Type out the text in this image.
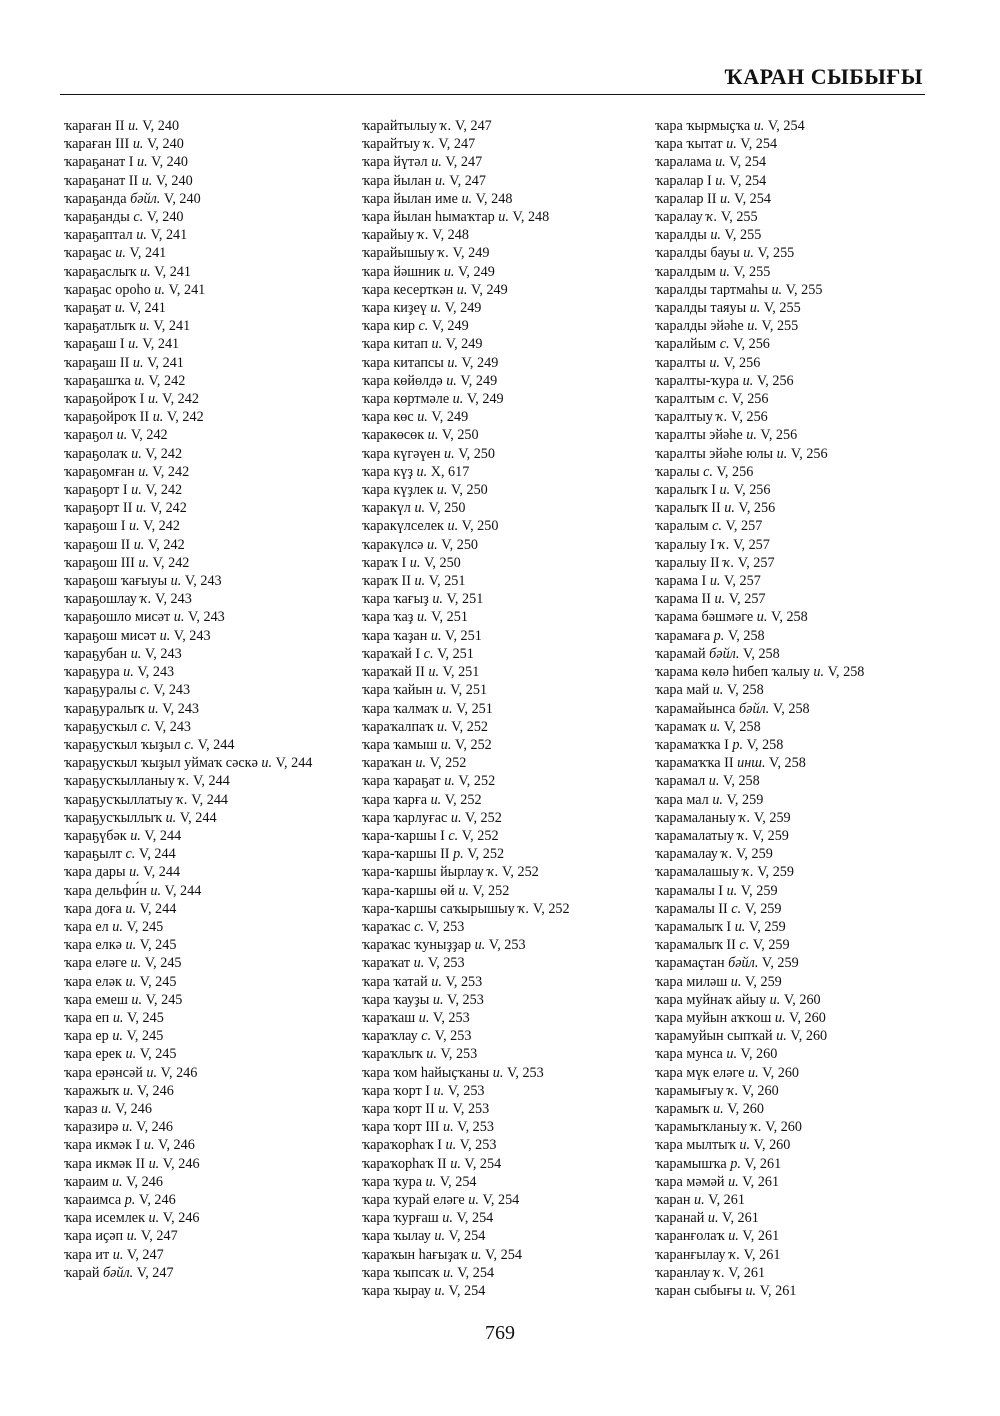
ҠАРАН СЫБЫҒЫ

ҡараған II и. V, 240

ҡараған III и. V, 240

ҡараҕанат I и. V, 240

ҡараҕанат II и. V, 240

ҡараҕанда бәйл. V, 240

ҡараҕанды с. V, 240

ҡараҕаптал и. V, 241

ҡараҕас и. V, 241

ҡараҕаслыҡ и. V, 241

ҡараҕас ороһо и. V, 241

ҡараҕат и. V, 241

ҡараҕатлыҡ и. V, 241

ҡараҕаш I и. V, 241

ҡараҕаш II и. V, 241

ҡараҕашҡа и. V, 242

ҡараҕойроҡ I и. V, 242

ҡараҕойроҡ II и. V, 242

ҡараҕол и. V, 242

ҡараҕолаҡ и. V, 242

ҡараҕомған и. V, 242

ҡараҕорт I и. V, 242

ҡараҕорт II и. V, 242

ҡараҕош I и. V, 242

ҡараҕош II и. V, 242

ҡараҕош III и. V, 242

ҡараҕош ҡағыуы и. V, 243

ҡараҕошлау ҡ. V, 243

ҡараҕошло мисәт и. V, 243

ҡараҕош мисәт и. V, 243

ҡараҕубан и. V, 243

ҡараҕура и. V, 243

ҡараҕуралы с. V, 243

ҡараҕуралыҡ и. V, 243

ҡараҕусҡыл с. V, 243

ҡараҕусҡыл ҡыҙыл с. V, 244

ҡараҕусҡыл ҡыҙыл уймаҡ сәскә и. V, 244

ҡараҕусҡылланыу ҡ. V, 244

ҡараҕусҡыллатыу ҡ. V, 244

ҡараҕусҡыллыҡ и. V, 244

ҡараҕүбәк и. V, 244

ҡараҕылт с. V, 244

ҡара дары и. V, 244

ҡара дельфи́н и. V, 244

ҡара доға и. V, 244

ҡара ел и. V, 245

ҡара елкә и. V, 245

ҡара еләге и. V, 245

ҡара еләк и. V, 245

ҡара емеш и. V, 245

ҡара еп и. V, 245

ҡара ер и. V, 245

ҡара ерек и. V, 245

ҡара ерәнсәй и. V, 246

ҡаражыҡ и. V, 246

ҡараз и. V, 246

ҡаразирә и. V, 246

ҡара икмәк I и. V, 246

ҡара икмәк II и. V, 246

ҡараим и. V, 246

ҡараимса р. V, 246

ҡара исемлек и. V, 246

ҡара иҫәп и. V, 247

ҡара ит и. V, 247

ҡарай бәйл. V, 247

ҡарайтылыу ҡ. V, 247

ҡарайтыу ҡ. V, 247

ҡара йүтәл и. V, 247

ҡара йылан и. V, 247

ҡара йылан име и. V, 248

ҡара йылан һымаҡтар и. V, 248

ҡарайыу ҡ. V, 248

ҡарайышыу ҡ. V, 249

ҡара йәшник и. V, 249

ҡара кесерткән и. V, 249

ҡара киҙеү и. V, 249

ҡара кир с. V, 249

ҡара китап и. V, 249

ҡара китапсы и. V, 249

ҡара көйөлдә и. V, 249

ҡара көртмәле и. V, 249

ҡара көс и. V, 249

ҡаракөсөк и. V, 250

ҡара күгәүен и. V, 250

ҡара күҙ и. X, 617

ҡара күҙлек и. V, 250

ҡаракүл и. V, 250

ҡаракүлселек и. V, 250

ҡаракүлсә и. V, 250

ҡараҡ I и. V, 250

ҡараҡ II и. V, 251

ҡара ҡағыҙ и. V, 251

ҡара ҡаҙ и. V, 251

ҡара ҡаҙан и. V, 251

ҡараҡай I с. V, 251

ҡараҡай II и. V, 251

ҡара ҡайын и. V, 251

ҡара ҡалмаҡ и. V, 251

ҡараҡалпаҡ и. V, 252

ҡара ҡамыш и. V, 252

ҡараҡан и. V, 252

ҡара ҡараҕат и. V, 252

ҡара ҡарға и. V, 252

ҡара ҡарлуғас и. V, 252

ҡара-ҡаршы I с. V, 252

ҡара-ҡаршы II р. V, 252

ҡара-ҡаршы йырлау ҡ. V, 252

ҡара-ҡаршы өй и. V, 252

ҡара-ҡаршы саҡырышыу ҡ. V, 252

ҡараҡас с. V, 253

ҡараҡас ҡуныҙҙар и. V, 253

ҡараҡат и. V, 253

ҡара ҡатай и. V, 253

ҡара ҡауҙы и. V, 253

ҡараҡаш и. V, 253

ҡараҡлау с. V, 253

ҡараҡлыҡ и. V, 253

ҡара ҡом һайыҫҡаны и. V, 253

ҡара ҡорт I и. V, 253

ҡара ҡорт II и. V, 253

ҡара ҡорт III и. V, 253

ҡараҡорһаҡ I и. V, 253

ҡараҡорһаҡ II и. V, 254

ҡара ҡура и. V, 254

ҡара ҡурай еләге и. V, 254

ҡара ҡурғаш и. V, 254

ҡара ҡылау и. V, 254

ҡараҡын һағыҙаҡ и. V, 254

ҡара ҡыпсаҡ и. V, 254

ҡара ҡырау и. V, 254

ҡара ҡырмыҫҡа и. V, 254

ҡара ҡытат и. V, 254

ҡаралама и. V, 254

ҡаралар I и. V, 254

ҡаралар II и. V, 254

ҡаралау ҡ. V, 255

ҡаралды и. V, 255

ҡаралды бауы и. V, 255

ҡаралдым и. V, 255

ҡаралды тартмаһы и. V, 255

ҡаралды таяуы и. V, 255

ҡаралды эйәһе и. V, 255

ҡаралйым с. V, 256

ҡаралты и. V, 256

ҡаралты-ҡура и. V, 256

ҡаралтым с. V, 256

ҡаралтыу ҡ. V, 256

ҡаралты эйәһе и. V, 256

ҡаралты эйәһе юлы и. V, 256

ҡаралы с. V, 256

ҡаралыҡ I и. V, 256

ҡаралыҡ II и. V, 256

ҡаралым с. V, 257

ҡаралыу I ҡ. V, 257

ҡаралыу II ҡ. V, 257

ҡарама I и. V, 257

ҡарама II и. V, 257

ҡарама бәшмәге и. V, 258

ҡарамаға р. V, 258

ҡарамай бәйл. V, 258

ҡарама көлә һибеп ҡалыу и. V, 258

ҡара май и. V, 258

ҡарамайынса бәйл. V, 258

ҡарамаҡ и. V, 258

ҡарамаҡҡа I р. V, 258

ҡарамаҡҡа II инш. V, 258

ҡарамал и. V, 258

ҡара мал и. V, 259

ҡарамаланыу ҡ. V, 259

ҡарамалатыу ҡ. V, 259

ҡарамалау ҡ. V, 259

ҡарамалашыу ҡ. V, 259

ҡарамалы I и. V, 259

ҡарамалы II с. V, 259

ҡарамалыҡ I и. V, 259

ҡарамалыҡ II с. V, 259

ҡарамаҫтан бәйл. V, 259

ҡара миләш и. V, 259

ҡара муйнаҡ айыу и. V, 260

ҡара муйын аҡҡош и. V, 260

ҡарамуйын сыпҡай и. V, 260

ҡара мунса и. V, 260

ҡара мүк еләге и. V, 260

ҡарамығыу ҡ. V, 260

ҡарамыҡ и. V, 260

ҡарамыҡланыу ҡ. V, 260

ҡара мылтыҡ и. V, 260

ҡарамышҡа р. V, 261

ҡара мәмәй и. V, 261

ҡаран и. V, 261

ҡаранай и. V, 261

ҡаранғолаҡ и. V, 261

ҡаранғылау ҡ. V, 261

ҡаранлау ҡ. V, 261

ҡаран сыбығы и. V, 261

769
